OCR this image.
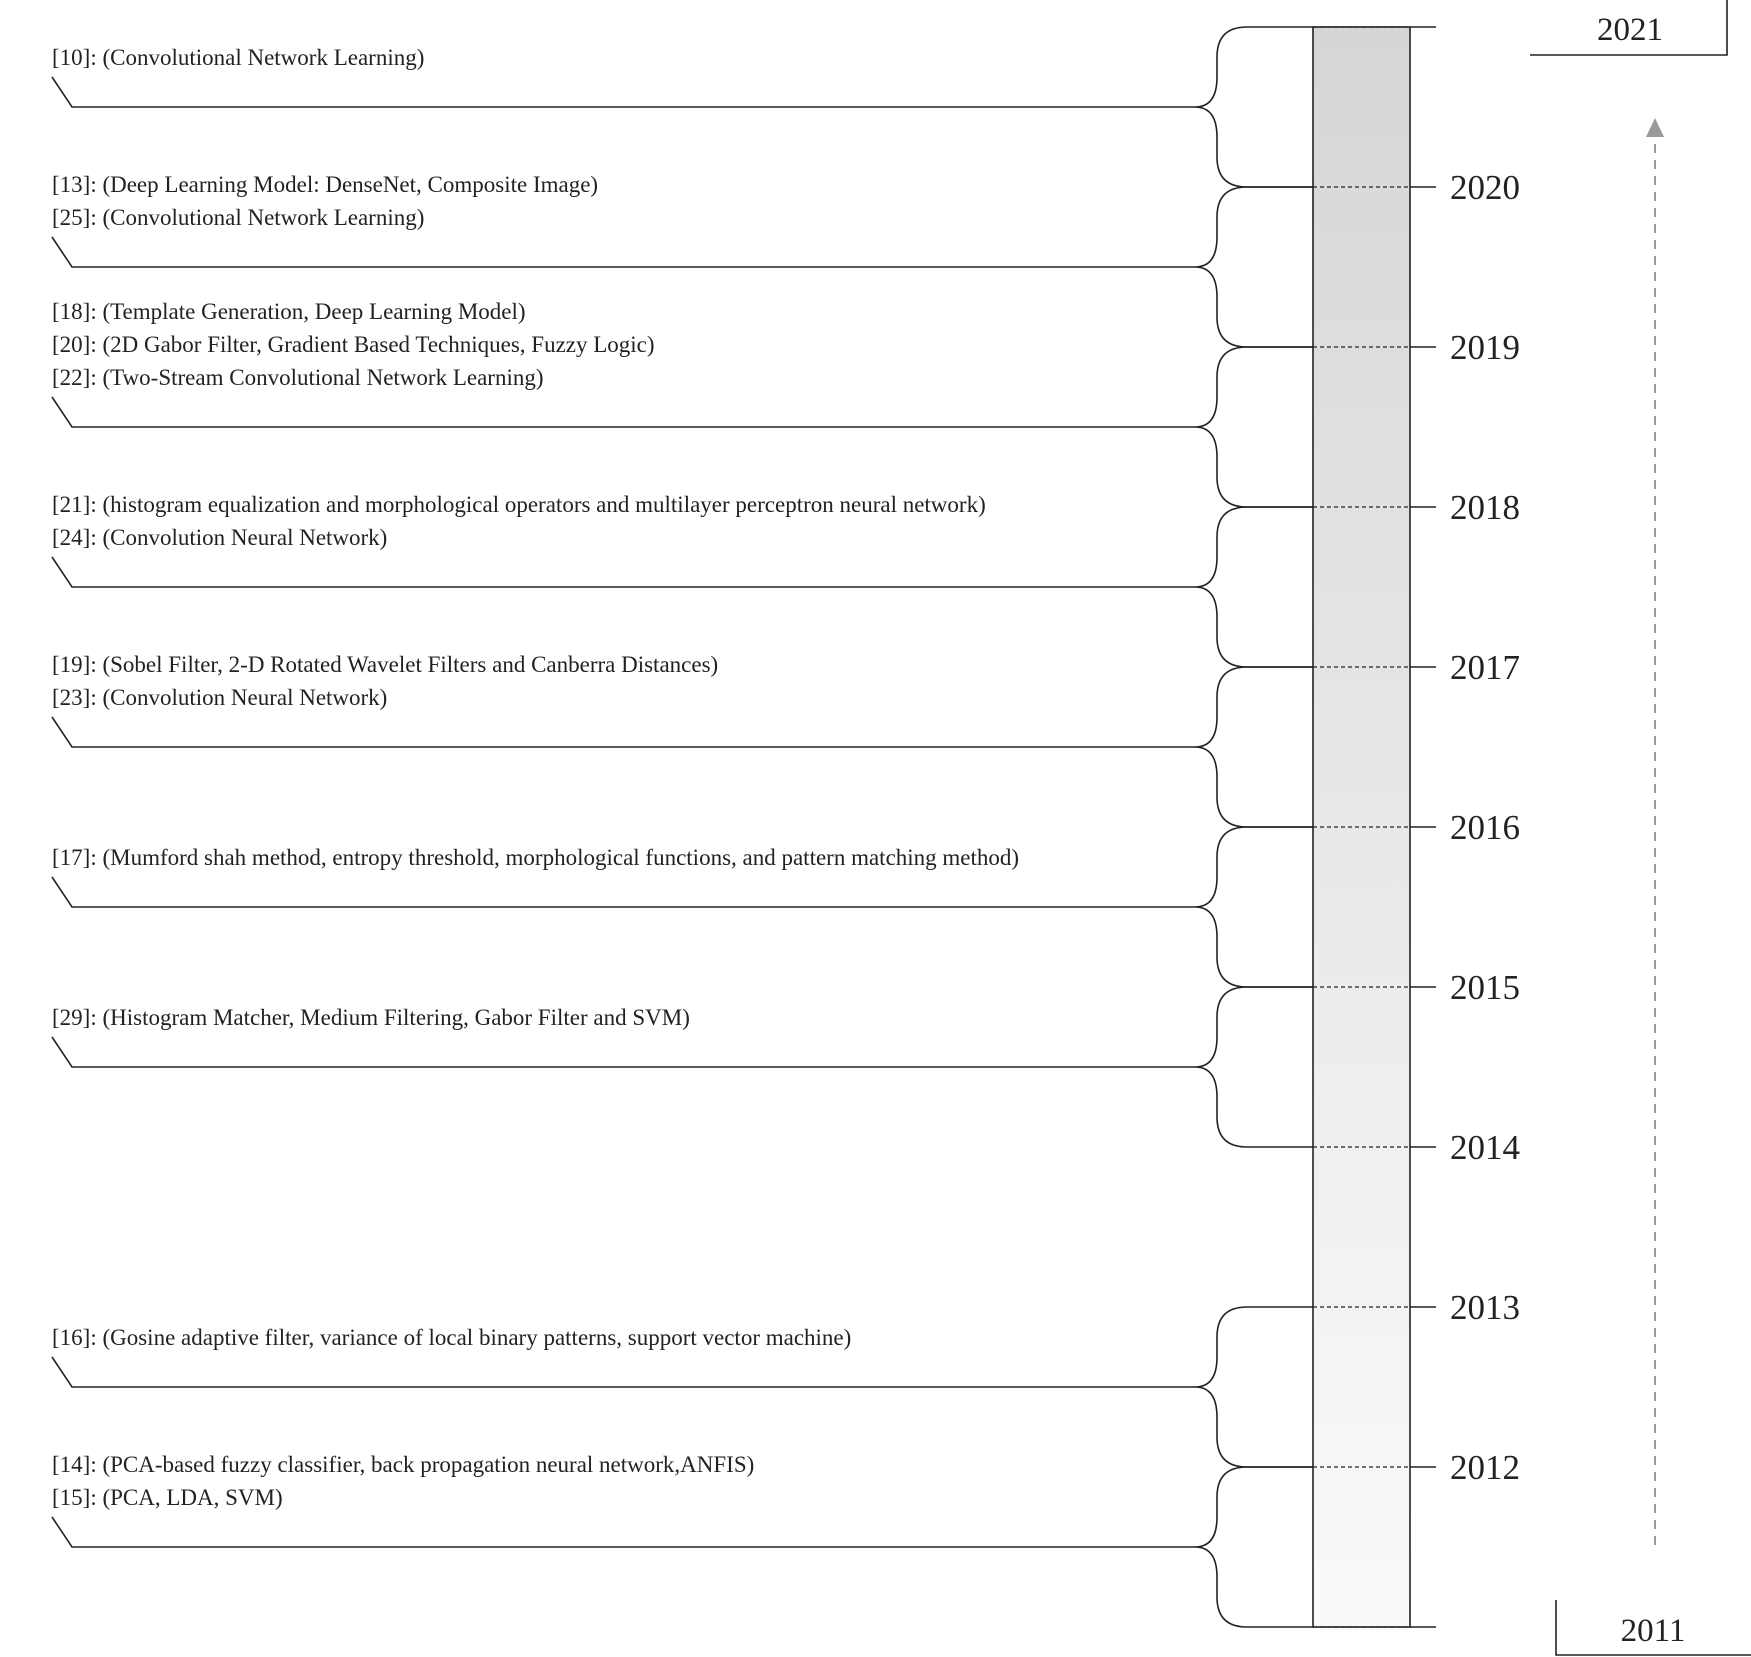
2012
2013
2014
2015
2016
2017
2018
2019
2020
[10]: (Convolutional Network Learning)
[13]: (Deep Learning Model: DenseNet, Composite Image)
[25]: (Convolutional Network Learning)
[18]: (Template Generation, Deep Learning Model)
[20]: (2D Gabor Filter, Gradient Based Techniques, Fuzzy Logic)
[22]: (Two-Stream Convolutional Network Learning)
[21]: (histogram equalization and morphological operators and multilayer perceptron neural network)
[24]: (Convolution Neural Network)
[19]: (Sobel Filter, 2-D Rotated Wavelet Filters and Canberra Distances)
[23]: (Convolution Neural Network)
[17]: (Mumford shah method, entropy threshold, morphological functions, and pattern matching method)
[29]: (Histogram Matcher, Medium Filtering, Gabor Filter and SVM)
[16]: (Gosine adaptive filter, variance of local binary patterns, support vector machine)
[14]: (PCA-based fuzzy classifier, back propagation neural network,ANFIS)
[15]: (PCA, LDA, SVM)
2021
2011
